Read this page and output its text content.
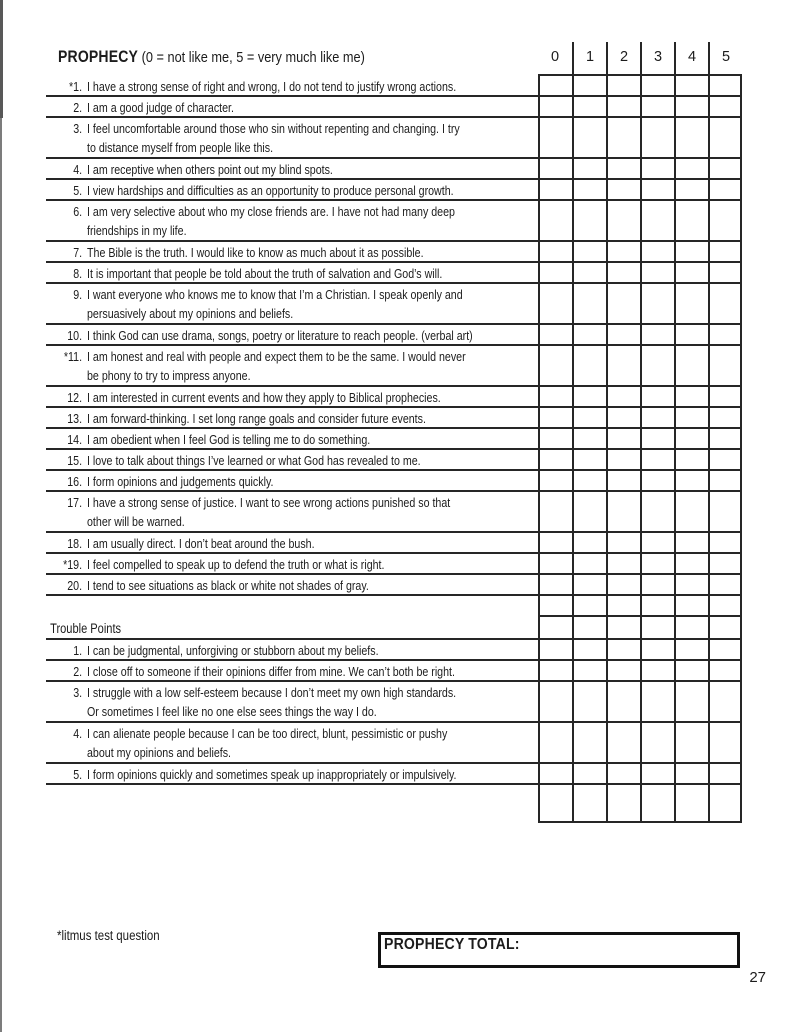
PROPHECY (0 = not like me, 5 = very much like me)	0	1	2	3	4	5
*1. I have a strong sense of right and wrong, I do not tend to justify wrong actions.
2. I am a good judge of character.
3. I feel uncomfortable around those who sin without repenting and changing. I try
to distance myself from people like this.
4. I am receptive when others point out my blind spots.
5. I view hardships and difficulties as an opportunity to produce personal growth.
6. I am very selective about who my close friends are. I have not had many deep
friendships in my life.
7. The Bible is the truth. I would like to know as much about it as possible.
8. It is important that people be told about the truth of salvation and God’s will.
9. I want everyone who knows me to know that I’m a Christian. I speak openly and
persuasively about my opinions and beliefs.
10. I think God can use drama, songs, poetry or literature to reach people. (verbal art)
*11. I am honest and real with people and expect them to be the same. I would never
be phony to try to impress anyone.
12. I am interested in current events and how they apply to Biblical prophecies.
13. I am forward-thinking. I set long range goals and consider future events.
14. I am obedient when I feel God is telling me to do something.
15. I love to talk about things I’ve learned or what God has revealed to me.
16. I form opinions and judgements quickly.
17. I have a strong sense of justice. I want to see wrong actions punished so that
other will be warned.
18. I am usually direct. I don’t beat around the bush.
*19. I feel compelled to speak up to defend the truth or what is right.
20. I tend to see situations as black or white not shades of gray.
Trouble Points
1. I can be judgmental, unforgiving or stubborn about my beliefs.
2. I close off to someone if their opinions differ from mine. We can’t both be right.
3. I struggle with a low self-esteem because I don’t meet my own high standards.
Or sometimes I feel like no one else sees things the way I do.
4. I can alienate people because I can be too direct, blunt, pessimistic or pushy
about my opinions and beliefs.
5. I form opinions quickly and sometimes speak up inappropriately or impulsively.
*litmus test question
PROPHECY TOTAL:
27
